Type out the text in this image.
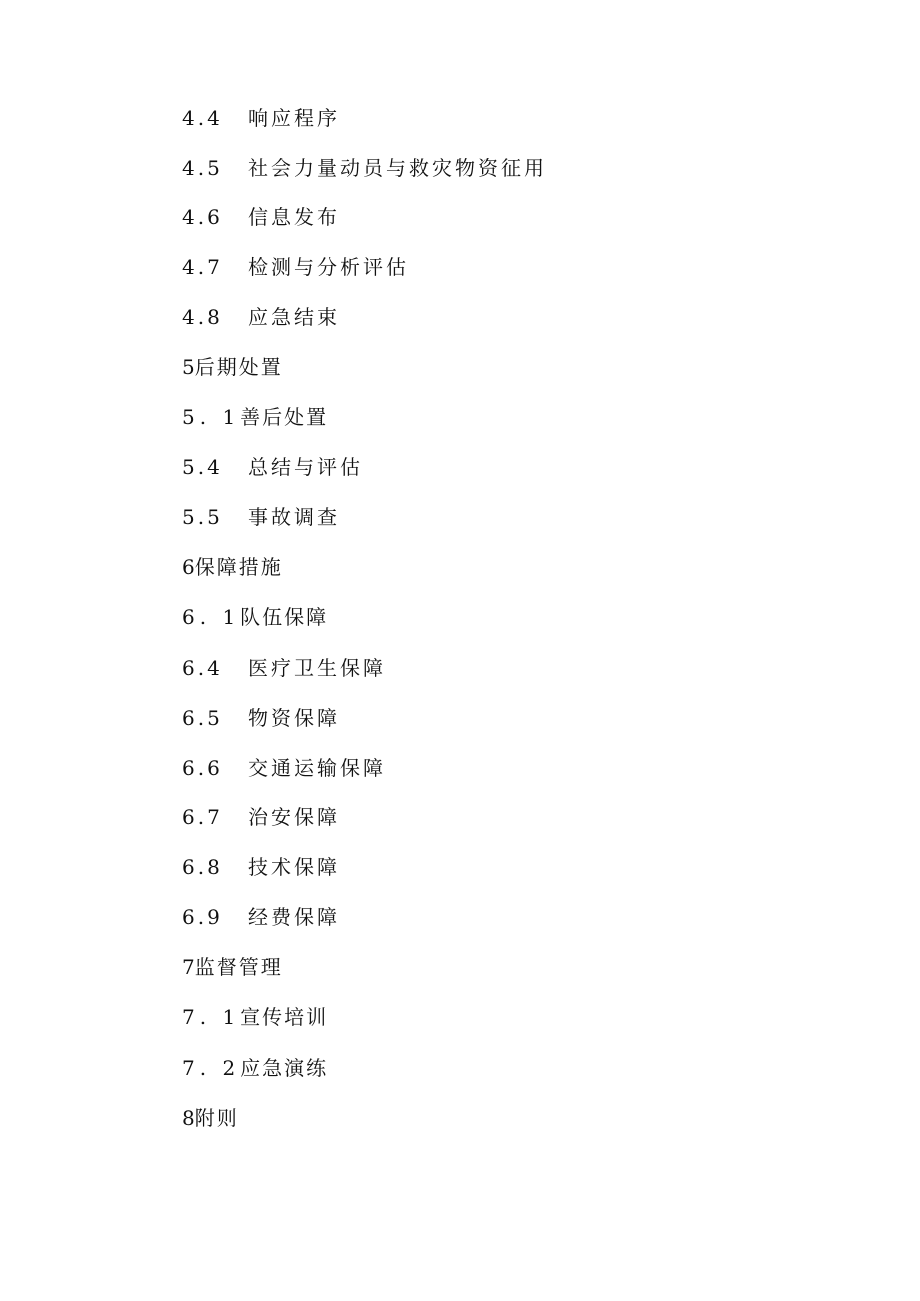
4.4 响应程序
4.5 社会力量动员与救灾物资征用
4.6 信息发布
4.7 检测与分析评估
4.8 应急结束
5后期处置
5. 1善后处置
5.4 总结与评估
5.5 事故调查
6保障措施
6. 1队伍保障
6.4 医疗卫生保障
6.5 物资保障
6.6 交通运输保障
6.7 治安保障
6.8 技术保障
6.9 经费保障
7监督管理
7. 1宣传培训
7. 2应急演练
8附则
